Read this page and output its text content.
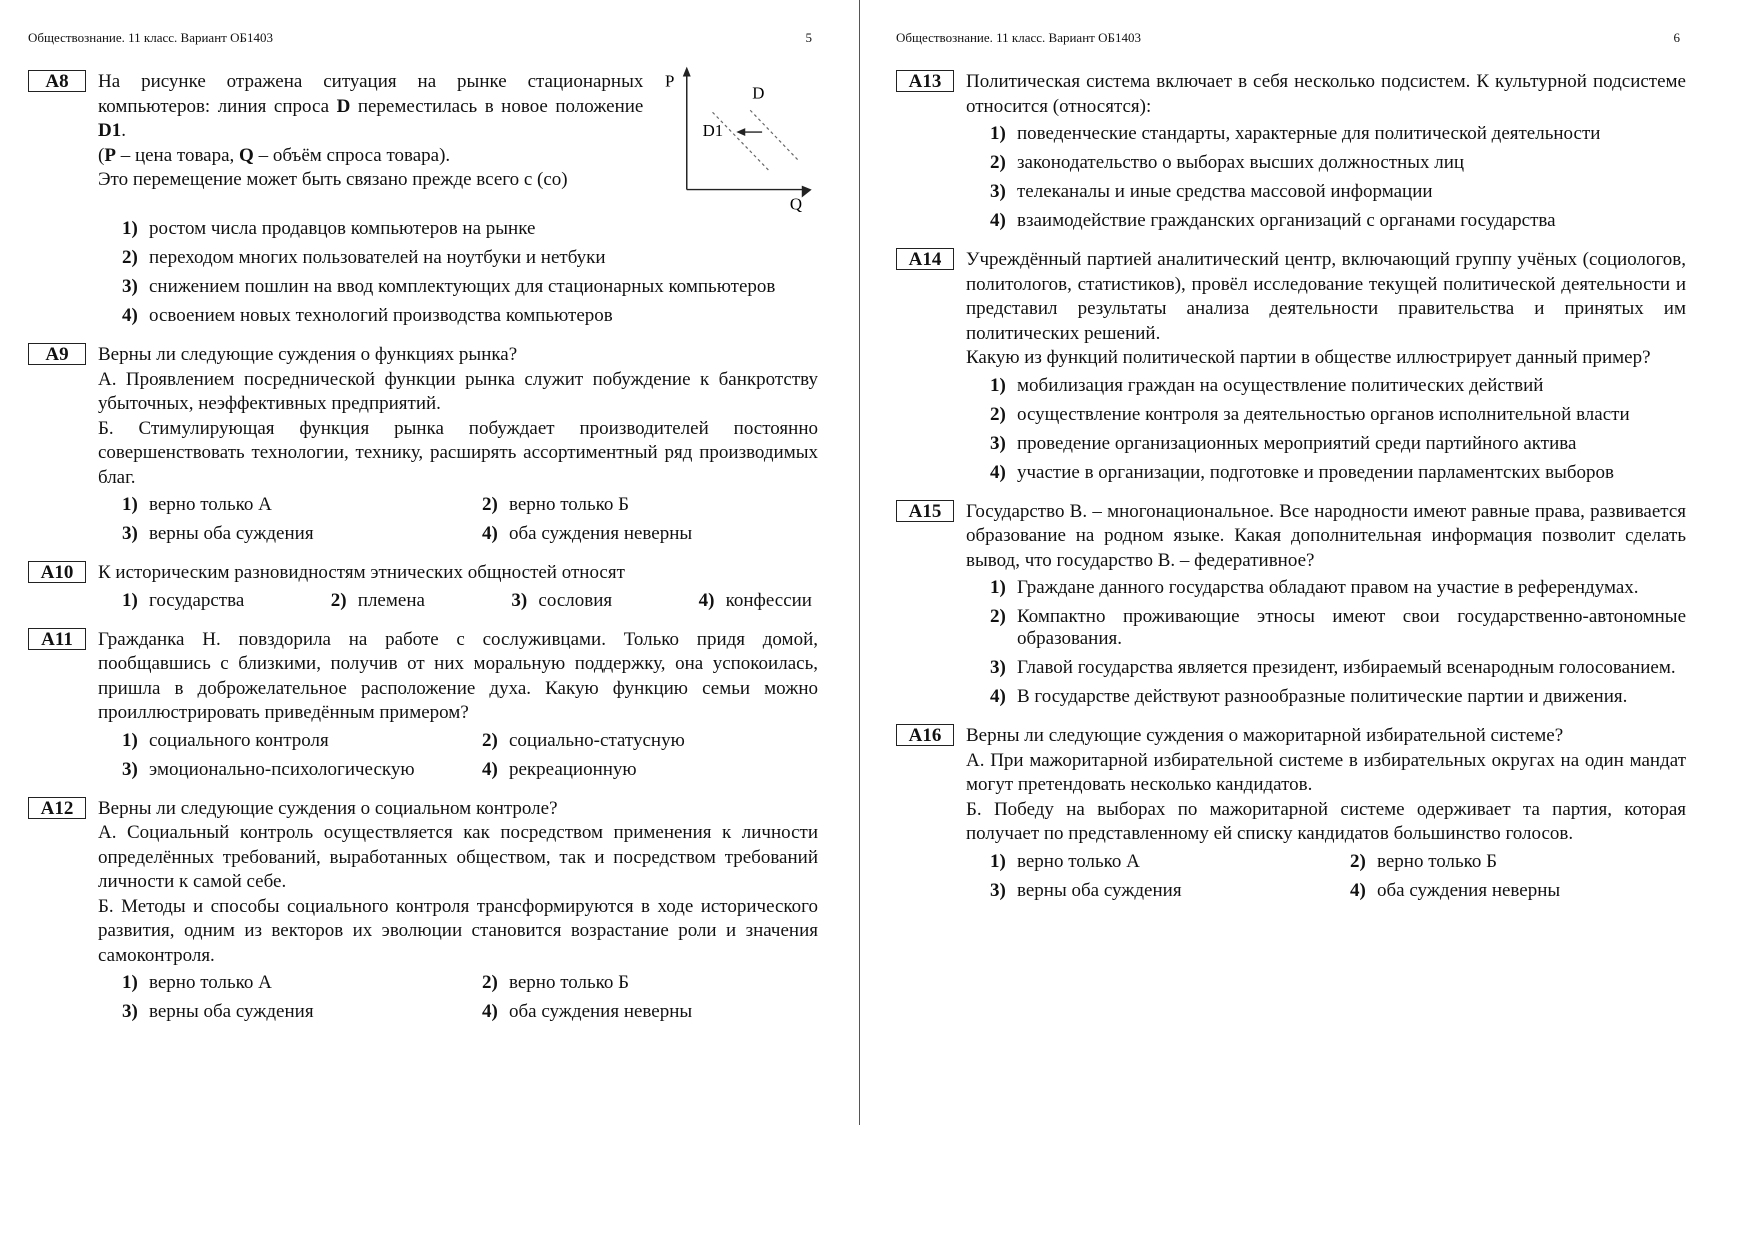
Обществознание. 11 класс. Вариант ОБ1403	5
A8	На рисунке отражена ситуация на рынке стационарных компьютеров: линия спроса D переместилась в новое положение D1.

(P – цена товара, Q – объём спроса товара).

Это перемещение может быть связано прежде всего с (со)

P
Q
D
D1
1) ростом числа продавцов компьютеров на рынке
2) переходом многих пользователей на ноутбуки и нетбуки
3) снижением пошлин на ввод комплектующих для стационарных компьютеров
4) освоением новых технологий производства компьютеров
A9	Верны ли следующие суждения о функциях рынка?

А. Проявлением посреднической функции рынка служит побуждение к банкротству убыточных, неэффективных предприятий.

Б. Стимулирующая функция рынка побуждает производителей постоянно совершенствовать технологии, технику, расширять ассортиментный ряд производимых благ.

1) верно только А	2) верно только Б
3) верны оба суждения	4) оба суждения неверны
A10	К историческим разновидностям этнических общностей относят

1) государства	2) племена	3) сословия	4) конфессии
A11	Гражданка Н. повздорила на работе с сослуживцами. Только придя домой, пообщавшись с близкими, получив от них моральную поддержку, она успокоилась, пришла в доброжелательное расположение духа. Какую функцию семьи можно проиллюстрировать приведённым примером?

1) социального контроля	2) социально-статусную
3) эмоционально-психологическую	4) рекреационную
A12	Верны ли следующие суждения о социальном контроле?

А. Социальный контроль осуществляется как посредством применения к личности определённых требований, выработанных обществом, так и посредством требований личности к самой себе.

Б. Методы и способы социального контроля трансформируются в ходе исторического развития, одним из векторов их эволюции становится возрастание роли и значения самоконтроля.

1) верно только А	2) верно только Б
3) верны оба суждения	4) оба суждения неверны
Обществознание. 11 класс. Вариант ОБ1403	6
A13	Политическая система включает в себя несколько подсистем. К культурной подсистеме относится (относятся):

1) поведенческие стандарты, характерные для политической деятельности
2) законодательство о выборах высших должностных лиц
3) телеканалы и иные средства массовой информации
4) взаимодействие гражданских организаций с органами государства
A14	Учреждённый партией аналитический центр, включающий группу учёных (социологов, политологов, статистиков), провёл исследование текущей политической деятельности и представил результаты анализа деятельности правительства и принятых им политических решений.

Какую из функций политической партии в обществе иллюстрирует данный пример?

1) мобилизация граждан на осуществление политических действий
2) осуществление контроля за деятельностью органов исполнительной власти
3) проведение организационных мероприятий среди партийного актива
4) участие в организации, подготовке и проведении парламентских выборов
A15	Государство В. – многонациональное. Все народности имеют равные права, развивается образование на родном языке. Какая дополнительная информация позволит сделать вывод, что государство В. – федеративное?

1) Граждане данного государства обладают правом на участие в референдумах.
2) Компактно проживающие этносы имеют свои государственно-автономные образования.
3) Главой государства является президент, избираемый всенародным голосованием.
4) В государстве действуют разнообразные политические партии и движения.
A16	Верны ли следующие суждения о мажоритарной избирательной системе?

А. При мажоритарной избирательной системе в избирательных округах на один мандат могут претендовать несколько кандидатов.

Б. Победу на выборах по мажоритарной системе одерживает та партия, которая получает по представленному ей списку кандидатов большинство голосов.

1) верно только А	2) верно только Б
3) верны оба суждения	4) оба суждения неверны
